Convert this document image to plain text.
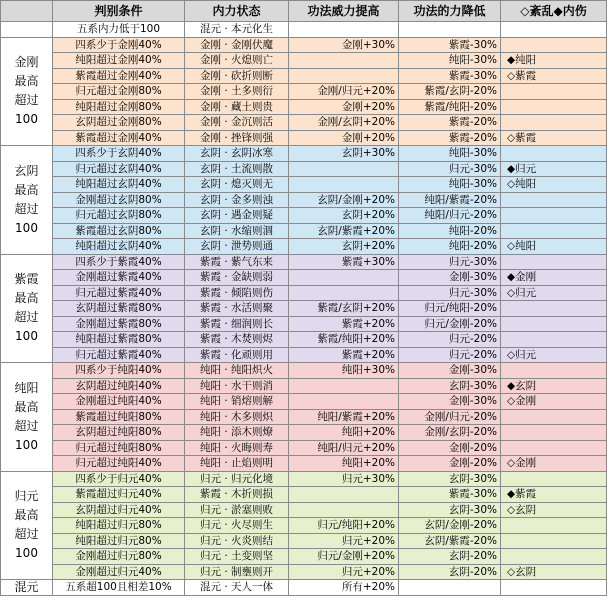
	判别条件	内力状态	功法威力提高	功法的力降低	◇紊乱◆内伤
	五系内力低于100	混元 · 本元化生			

金刚
最高
超过
100	四系少于金刚40%	金刚 · 金刚伏魔	金刚+30%	紫霞-30%	
	纯阳超过金刚40%	金刚 · 火熄则亡		纯阳-30%	◆纯阳
	紫霞超过金刚40%	金刚 · 砍折则断		紫霞-30%	◇紫霞
	归元超过金刚80%	金刚 · 土多则衍	金刚/归元+20%	紫霞/玄阴-20%	
	纯阳超过金刚80%	金刚 · 藏土则贵	金刚+20%	紫霞/纯阳-20%	
	玄阴超过金刚80%	金刚 · 金沉则活	金刚/玄阴+20%	紫霞-20%	
	紫霞超过金刚40%	金刚 · 挫锋则强	金刚+20%	紫霞-20%	◇紫霞

玄阴
最高
超过
100	四系少于玄阴40%	玄阴 · 玄阴冰寒	玄阴+30%	纯阳-30%	
	归元超过玄阴40%	玄阴 · 土流则散		归元-30%	◆归元
	纯阳超过玄阴40%	玄阴 · 熄灭则无		纯阳-30%	◇纯阳
	金刚超过玄阴80%	玄阴 · 金多则浊	玄阴/金刚+20%	纯阳/紫霞-20%	
	归元超过玄阴80%	玄阴 · 遇金则疑	玄阴+20%	纯阳/归元-20%	
	紫霞超过玄阴80%	玄阴 · 水缩则涸	玄阴/紫霞+20%	纯阳-20%	
	纯阳超过玄阴40%	玄阴 · 泄势则通	玄阴+20%	纯阳-20%	◇纯阳

紫霞
最高
超过
100	四系少于紫霞40%	紫霞 · 紫气东来	紫霞+30%	归元-30%	
	金刚超过紫霞40%	紫霞 · 金缺则弱		金刚-30%	◆金刚
	归元超过紫霞40%	紫霞 · 倾陷则伤		归元-30%	◇归元
	玄阴超过紫霞80%	紫霞 · 水活则聚	紫霞/玄阴+20%	归元/纯阳-20%	
	金刚超过紫霞80%	紫霞 · 细润则长	紫霞+20%	归元/金刚-20%	
	纯阳超过紫霞80%	紫霞 · 木焚则烬	紫霞/纯阳+20%	归元-20%	
	归元超过紫霞40%	紫霞 · 化顽则用	紫霞+20%	归元-20%	◇归元

纯阳
最高
超过
100	四系少于纯阳40%	纯阳 · 纯阳炽火	纯阳+30%	金刚-30%	
	玄阴超过纯阳40%	纯阳 · 水干则消		玄阴-30%	◆玄阴
	金刚超过纯阳40%	纯阳 · 销熔则解		金刚-30%	◇金刚
	紫霞超过纯阳80%	纯阳 · 木多则炽	纯阳/紫霞+20%	金刚/归元-20%	
	玄阴超过纯阳80%	纯阳 · 添木则燎	纯阳+20%	金刚/玄阴-20%	
	归元超过纯阳80%	纯阳 · 火晦则寿	纯阳/归元+20%	金刚-20%	
	归元超过纯阳40%	纯阳 · 止焰则明	纯阳+20%	金刚-20%	◇金刚

归元
最高
超过
100	四系少于归元40%	归元 · 归元化境	归元+30%	玄阴-30%	
	紫霞超过归元40%	紫霞 · 木折则损		紫霞-30%	◆紫霞
	玄阴超过归元40%	归元 · 淤塞则败		玄阴-30%	◇玄阴
	纯阳超过归元80%	归元 · 火尽则生	归元/纯阳+20%	玄阴/金刚-20%	
	纯阳超过归元80%	归元 · 火炎则结	归元+20%	玄阴/紫霞-20%	
	金刚超过归元80%	归元 · 土变则坚	归元/金刚+20%	玄阴-20%	
	金刚超过归元40%	归元 · 制壅则开	归元+20%	玄阴-20%	◇玄阴
混元	五系超100且相差10%	混元 · 天人一体	所有+20%		
